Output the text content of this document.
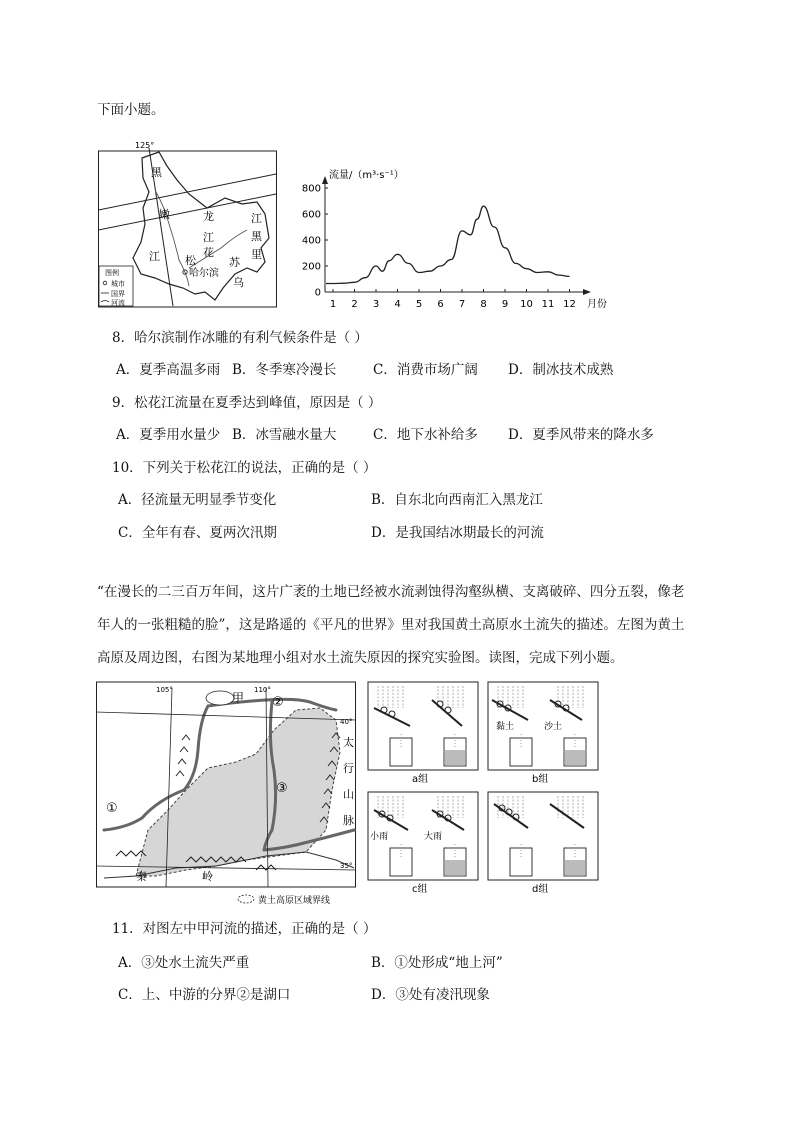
下面小题。
125°
黑
嫩	龙
江
江
江
花
黑
松
哈尔滨
里
苏
乌
图例
城市
国界
河流
流量/（m³·s⁻¹）
月份
0
200
400
600
800
1 2 3 4 5 6 7 8 9 10 11 12
8．哈尔滨制作冰雕的有利气候条件是（ ）
A．夏季高温多雨 B．冬季寒冷漫长	C．消费市场广阔 D．制冰技术成熟
9．松花江流量在夏季达到峰值，原因是（ ）
A．夏季用水量少 B．冰雪融水量大	C．地下水补给多 D．夏季风带来的降水多
10．下列关于松花江的说法，正确的是（ ）
A．径流量无明显季节变化	B．自东北向西南汇入黑龙江
C．全年有春、夏两次汛期	D．是我国结冰期最长的河流
“在漫长的二三百万年间，这片广袤的土地已经被水流剥蚀得沟壑纵横、支离破碎、四分五裂，像老年人的一张粗糙的脸”，这是路遥的《平凡的世界》里对我国黄土高原水土流失的描述。左图为黄土高原及周边图，右图为某地理小组对水土流失原因的探究实验图。读图，完成下列小题。
105°	110°
40°
35°
甲
①
②
③
太
行
山
脉
秦	岭
黄土高原区域界线
a组
黏土	沙土
b组
小雨	大雨
c组	d组
11．对图左中甲河流的描述，正确的是（ ）
A．③处水土流失严重	B．①处形成“地上河”
C．上、中游的分界②是湖口	D．③处有凌汛现象
